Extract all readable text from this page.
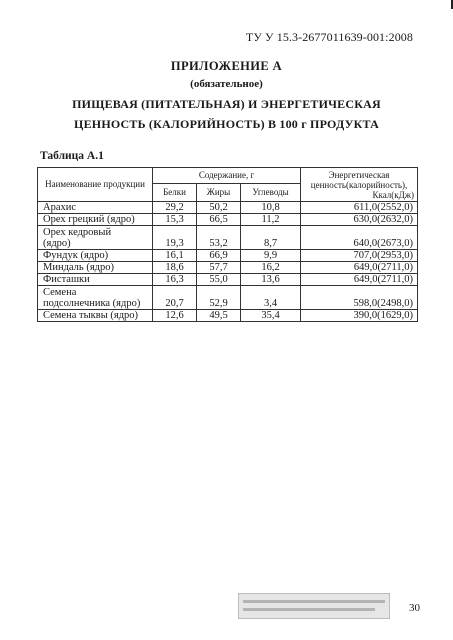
ТУ У 15.3-2677011639-001:2008
ПРИЛОЖЕНИЕ А
(обязательное)
ПИЩЕВАЯ (ПИТАТЕЛЬНАЯ) И ЭНЕРГЕТИЧЕСКАЯ
ЦЕННОСТЬ (КАЛОРИЙНОСТЬ) В 100 г ПРОДУКТА
Таблица А.1
Наименование продукции	Содержание, г			Энергетическая
ценность(калорийность),
Ккал(кДж)

	Белки	Жиры	Углеводы	

Арахис	29,2	50,2	10,8	611,0(2552,0)

Орех грецкий (ядро)	15,3	66,5	11,2	630,0(2632,0)

Орех кедровый
(ядро)	19,3	53,2	8,7	640,0(2673,0)

Фундук (ядро)	16,1	66,9	9,9	707,0(2953,0)

Миндаль (ядро)	18,6	57,7	16,2	649,0(2711,0)

Фисташки	16,3	55,0	13,6	649,0(2711,0)

Семена
подсолнечника (ядро)	20,7	52,9	3,4	598,0(2498,0)

Семена тыквы (ядро)	12,6	49,5	35,4	390,0(1629,0)
30
